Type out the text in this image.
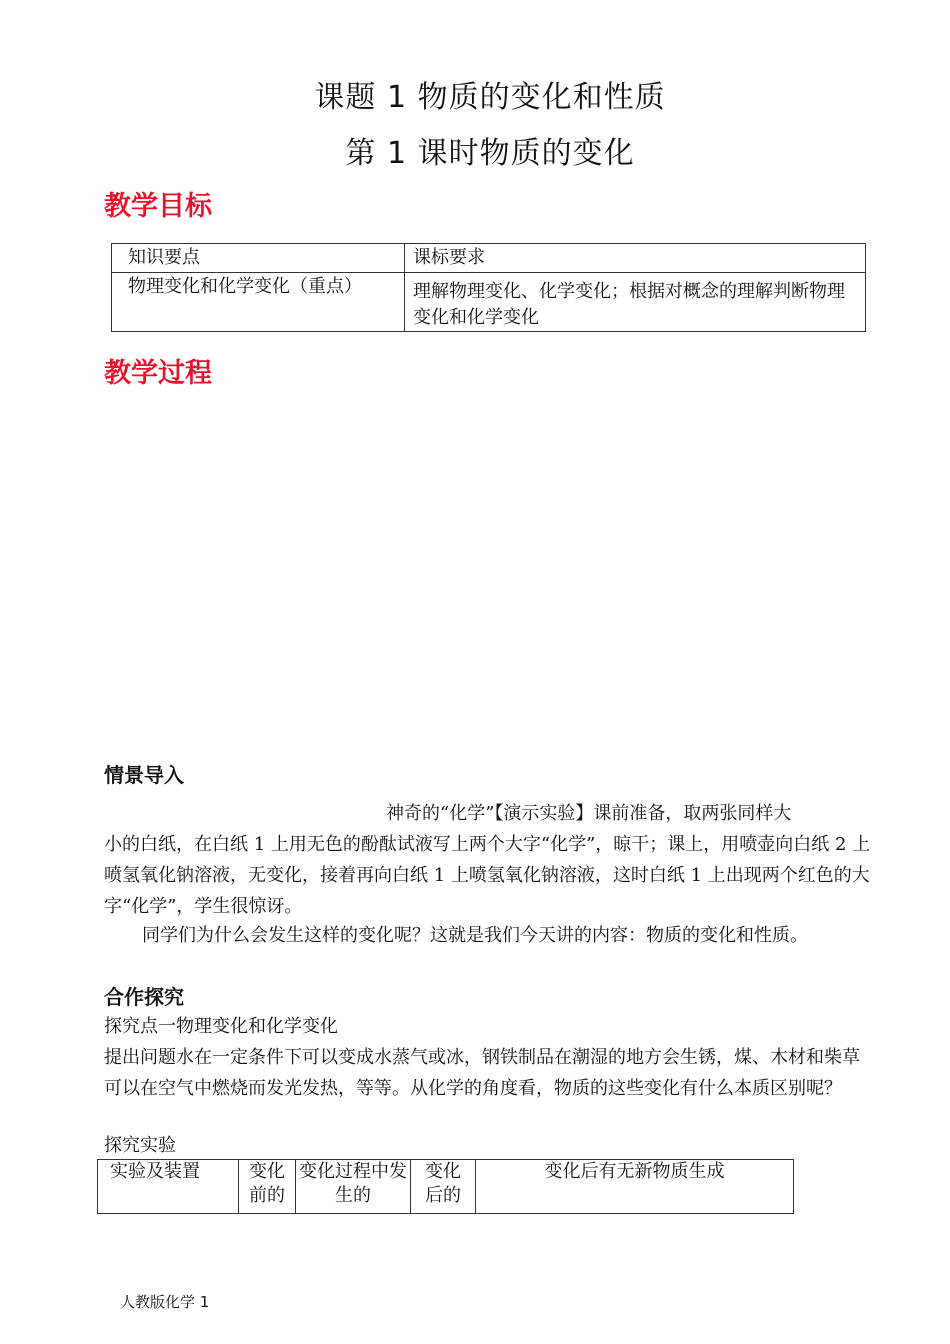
课题 1 物质的变化和性质
第 1 课时物质的变化
教学目标
知识要点	课标要求
物理变化和化学变化（重点）	理解物理变化、化学变化；根据对概念的理解判断物理变化和化学变化
教学过程
情景导入
神奇的“化学”【演示实验】课前准备，取两张同样大
小的白纸，在白纸 1 上用无色的酚酞试液写上两个大字“化学”，晾干；课上，用喷壶向白纸 2 上喷氢氧化钠溶液，无变化，接着再向白纸 1 上喷氢氧化钠溶液，这时白纸 1 上出现两个红色的大字“化学”，学生很惊讶。
同学们为什么会发生这样的变化呢？这就是我们今天讲的内容：物质的变化和性质。
合作探究
探究点一物理变化和化学变化
提出问题水在一定条件下可以变成水蒸气或冰，钢铁制品在潮湿的地方会生锈，煤、木材和柴草可以在空气中燃烧而发光发热，等等。从化学的角度看，物质的这些变化有什么本质区别呢？
探究实验
实验及装置	变化前的	变化过程中发生的	变化后的	变化后有无新物质生成
人教版化学 1
